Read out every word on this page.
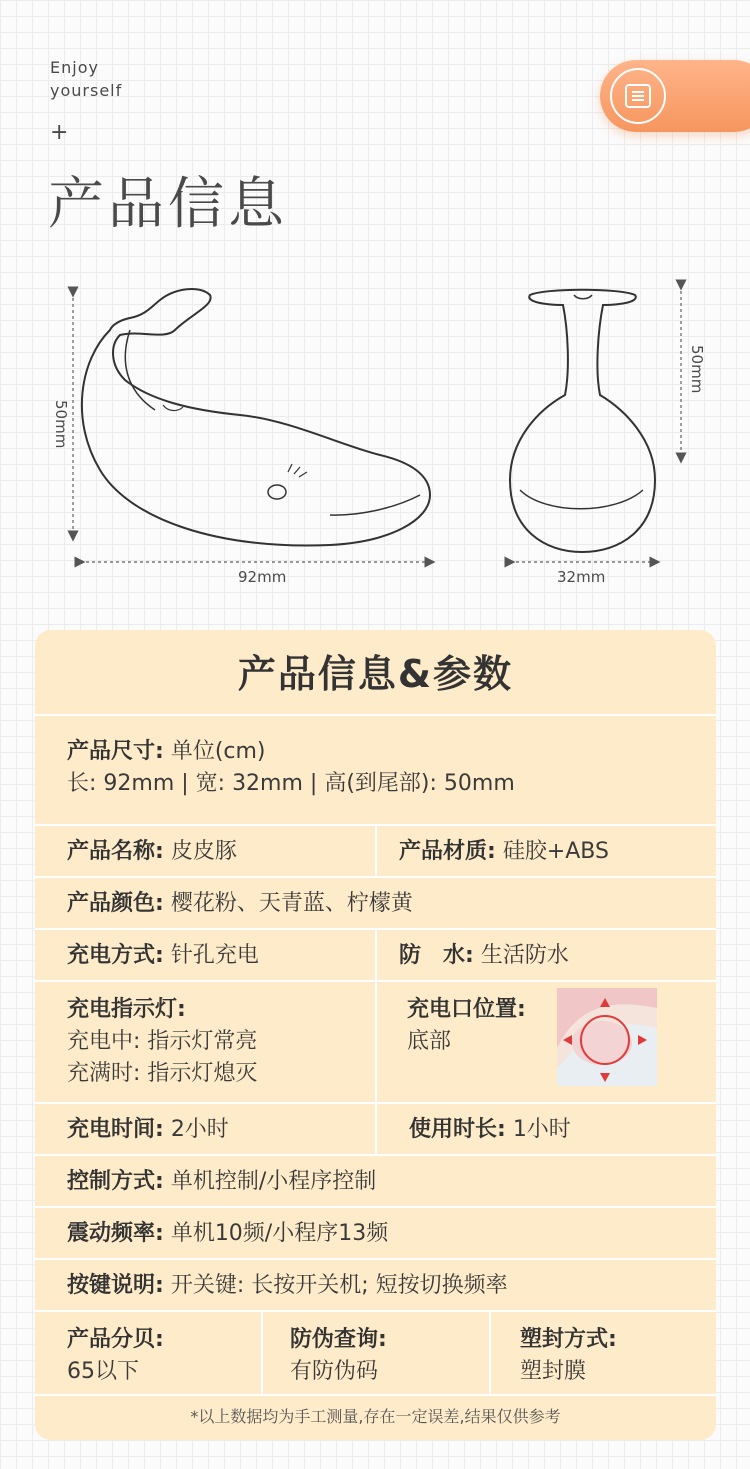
Enjoy
yourself
+
产品信息
50mm
92mm
50mm
32mm
产品信息&参数
产品尺寸: 单位(cm)
长: 92mm | 宽: 32mm | 高(到尾部): 50mm
产品名称: 皮皮豚	产品材质: 硅胶+ABS
产品颜色: 樱花粉、天青蓝、柠檬黄
充电方式: 针孔充电	防　水: 生活防水
充电指示灯:
充电中: 指示灯常亮
充满时: 指示灯熄灭
充电口位置:
底部
充电时间: 2小时	使用时长: 1小时
控制方式: 单机控制/小程序控制
震动频率: 单机10频/小程序13频
按键说明: 开关键: 长按开关机; 短按切换频率
产品分贝:
65以下
防伪查询:
有防伪码
塑封方式:
塑封膜
*以上数据均为手工测量,存在一定误差,结果仅供参考
